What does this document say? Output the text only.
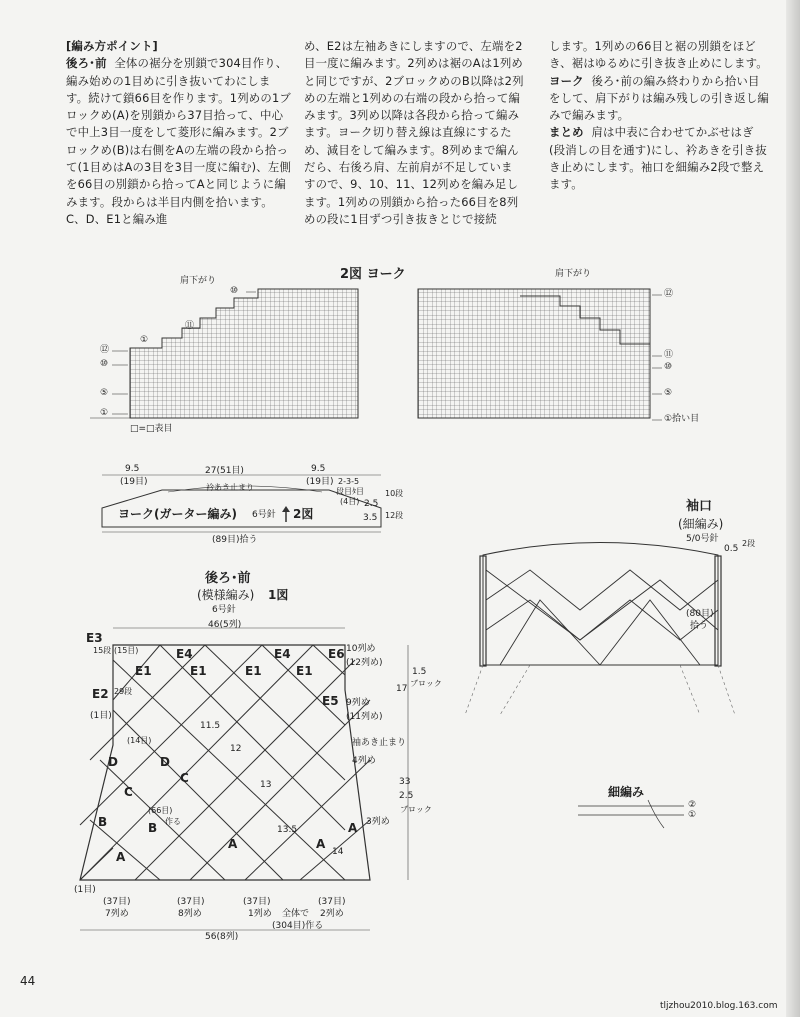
[編み方ポイント]

後ろ･前 全体の裾分を別鎖で304目作り、編み始めの1目めに引き抜いてわにします。続けて鎖66目を作ります。1列めの1ブロックめ(A)を別鎖から37目拾って、中心で中上3目一度をして菱形に編みます。2ブロックめ(B)は右側をAの左端の段から拾って(1目めはAの3目を3目一度に編む)、左側を66目の別鎖から拾ってAと同じように編みます。段からは半目内側を拾います。C、D、E1と編み進

め、E2は左袖あきにしますので、左端を2目一度に編みます。2列めは裾のAは1列めと同じですが、2ブロックめのB以降は2列めの左端と1列めの右端の段から拾って編みます。3列め以降は各段から拾って編みます。ヨーク切り替え線は直線にするため、減目をして編みます。8列めまで編んだら、右後ろ肩、左前肩が不足していますので、9、10、11、12列めを編み足します。1列めの別鎖から拾った66目を8列めの段に1目ずつ引き抜きとじで接続

します。1列めの66目と裾の別鎖をほどき、裾はゆるめに引き抜き止めにします。

ヨーク 後ろ･前の編み終わりから拾い目をして、肩下がりは編み残しの引き返し編みで編みます。

まとめ 肩は中表に合わせてかぶせはぎ(段消しの目を通す)にし、衿あきを引き抜き止めにします。袖口を細編み2段で整えます。

2図 ヨーク
肩下がり
肩下がり
⑩
⑪
①
⑫
⑩
⑤
①
⑫
⑪
⑩
⑤
①拾い目
□=□表目
9.5
(19目)
27(51目)
衿あき止まり
9.5
(19目) 2-3-5
段目ﾀ目
(4目) 2.5
3.5
10段
12段
ヨーク(ガーター編み) 6号針 2図
(89目)拾う
後ろ･前
(模様編み) 1図
6号針
46(5列)
56(8列)
E3
E2
E4	E4	E6
E1	E1	E1	E1
E5
D	D
C
C
B	B
A
A	A
A
15段 (15目)
29段
(1目)
(14目)
(66目)
作る
12
11.5
13
13.5
14
10列め
(12列め)
9列め
(11列め)
袖あき止まり
4列め
3列め
1.5
ブロック
17
33
2.5
ブロック
(1目)
(37目)
7列め
(37目)
8列め
(37目)
1列め 全体で
(304目)作る
(37目)
2列め
袖口
(細編み)
5/0号針
0.5
2段
(80目)
拾う
細編み
②
①
44
tljzhou2010.blog.163.com
